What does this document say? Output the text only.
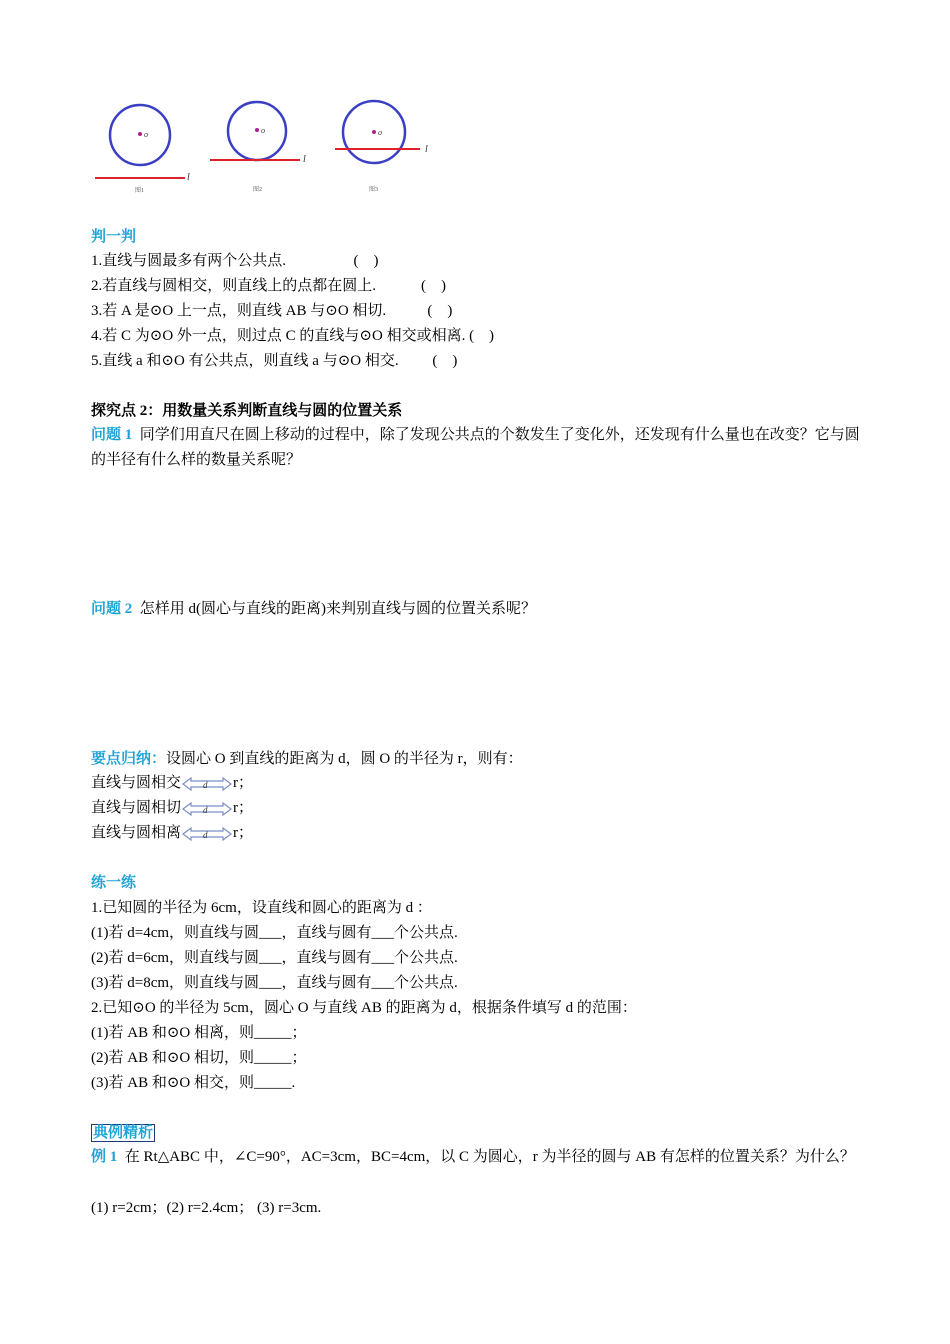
o
l
图1
o
l
图2
o
l
图3
判一判
1.直线与圆最多有两个公共点.                  (    )
2.若直线与圆相交，则直线上的点都在圆上.            (    )
3.若 A 是⊙O 上一点，则直线 AB 与⊙O 相切.           (    )
4.若 C 为⊙O 外一点，则过点 C 的直线与⊙O 相交或相离. (    )
5.直线 a 和⊙O 有公共点，则直线 a 与⊙O 相交.         (    )
探究点 2：用数量关系判断直线与圆的位置关系
问题 1 同学们用直尺在圆上移动的过程中，除了发现公共点的个数发生了变化外，还发现有什么量也在改变？它与圆的半径有什么样的数量关系呢？
问题 2 怎样用 d(圆心与直线的距离)来判别直线与圆的位置关系呢？
要点归纳：设圆心 O 到直线的距离为 d，圆 O 的半径为 r，则有：
直线与圆相交 d r；
直线与圆相切 d r；
直线与圆相离 d r；
练一练
1.已知圆的半径为 6cm，设直线和圆心的距离为 d ：
(1)若 d=4cm，则直线与圆___，直线与圆有___个公共点.
(2)若 d=6cm，则直线与圆___，直线与圆有___个公共点.
(3)若 d=8cm，则直线与圆___，直线与圆有___个公共点.
2.已知⊙O 的半径为 5cm，圆心 O 与直线 AB 的距离为 d，根据条件填写 d 的范围：
(1)若 AB 和⊙O 相离，则_____；
(2)若 AB 和⊙O 相切，则_____；
(3)若 AB 和⊙O 相交，则_____.
典例精析
例 1 在 Rt△ABC 中，∠C=90°，AC=3cm，BC=4cm，以 C 为圆心，r 为半径的圆与 AB 有怎样的位置关系？为什么？
(1) r=2cm；(2) r=2.4cm； (3) r=3cm.
